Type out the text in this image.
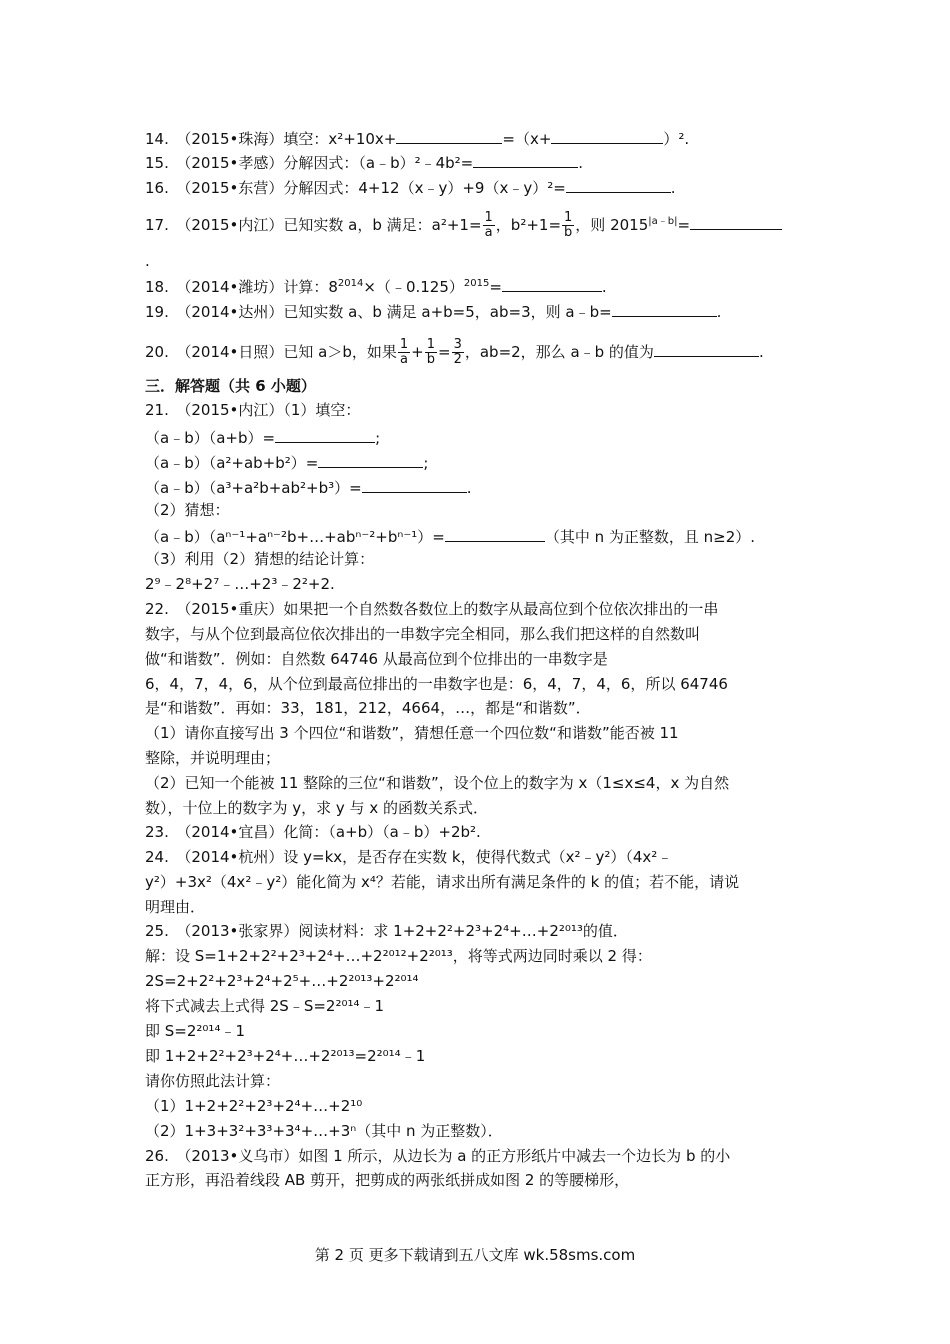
14.　（2015•珠海）填空：x²+10x+	=（x+	）².
15.　（2015•孝感）分解因式：（a﹣b）²﹣4b²=	.
16.　（2015•东营）分解因式：4+12（x﹣y）+9（x﹣y）²=	.
17.　（2015•内江）已知实数 a，b 满足：$a^2+1= \frac{1}{a}$ ，$b^2+1= \frac{1}{b}$ ，则 $2015^{|a﹣b|}=$
.
18.　（2014•潍坊）计算：$8^{2014}\times(﹣0.125)^{2015}=$	.
19.　（2014•达州）已知实数 a、b 满足 a+b=5，ab=3，则 a﹣b=	.
20.　（2014•日照）已知 a＞b，如果 $\frac{1}{a} + \frac{1}{b} = \frac{3}{2}$ ，ab=2，那么 a﹣b 的值为	.
三．解答题（共 6 小题）
21.　（2015•内江）（1）填空：
（a﹣b）（a+b）=	;
（a﹣b）（a²+ab+b²）=	;
（a﹣b）（a³+a²b+ab²+b³）=	.
（2）猜想：
（a﹣b）（aⁿ⁻¹+aⁿ⁻²b+…+abⁿ⁻²+bⁿ⁻¹）=	（其中 n 为正整数，且 n≥2）.
（3）利用（2）猜想的结论计算：
2⁹﹣2⁸+2⁷﹣…+2³﹣2²+2.
22.　（2015•重庆）如果把一个自然数各数位上的数字从最高位到个位依次排出的一串
数字，与从个位到最高位依次排出的一串数字完全相同，那么我们把这样的自然数叫
做“和谐数”．例如：自然数 64746 从最高位到个位排出的一串数字是
6，4，7，4，6，从个位到最高位排出的一串数字也是：6，4，7，4，6，所以 64746
是“和谐数”．再如：33，181，212，4664，…，都是“和谐数”．
（1）请你直接写出 3 个四位“和谐数”，猜想任意一个四位数“和谐数”能否被 11
整除，并说明理由；
（2）已知一个能被 11 整除的三位“和谐数”，设个位上的数字为 x（1≤x≤4，x 为自然
数），十位上的数字为 y，求 y 与 x 的函数关系式．
23.　（2014•宜昌）化简：（a+b）（a﹣b）+2b².
24.　（2014•杭州）设 y=kx，是否存在实数 k，使得代数式（x²﹣y²）（4x²﹣
y²）+3x²（4x²﹣y²）能化简为 x⁴？若能，请求出所有满足条件的 k 的值；若不能，请说
明理由．
25.　（2013•张家界）阅读材料：求 1+2+2²+2³+2⁴+…+2²⁰¹³的值．
解：设 S=1+2+2²+2³+2⁴+…+2²⁰¹²+2²⁰¹³，将等式两边同时乘以 2 得：
2S=2+2²+2³+2⁴+2⁵+…+2²⁰¹³+2²⁰¹⁴
将下式减去上式得 2S﹣S=2²⁰¹⁴﹣1
即 S=2²⁰¹⁴﹣1
即 1+2+2²+2³+2⁴+…+2²⁰¹³=2²⁰¹⁴﹣1
请你仿照此法计算：
（1）1+2+2²+2³+2⁴+…+2¹⁰
（2）1+3+3²+3³+3⁴+…+3ⁿ（其中 n 为正整数）．
26.　（2013•义乌市）如图 1 所示，从边长为 a 的正方形纸片中减去一个边长为 b 的小
正方形，再沿着线段 AB 剪开，把剪成的两张纸拼成如图 2 的等腰梯形，
第 2 页 更多下载请到五八文库 wk.58sms.com
